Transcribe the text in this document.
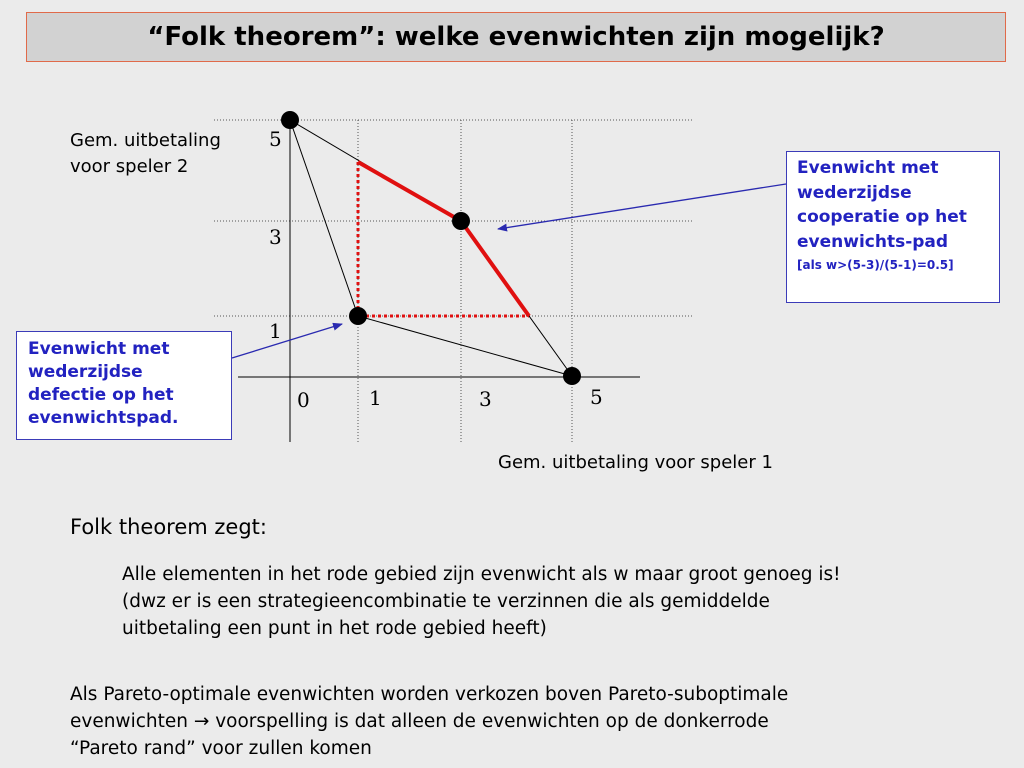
“Folk theorem”: welke evenwichten zijn mogelijk?
Gem. uitbetaling voor speler 2
Gem. uitbetaling voor speler 1
5
3
1
0	1	3	5
Evenwicht met wederzijdse cooperatie op het evenwichts-pad
[als w>(5-3)/(5-1)=0.5]
Evenwicht met wederzijdse defectie op het evenwichtspad.
Folk theorem zegt:
Alle elementen in het rode gebied zijn evenwicht als w maar groot genoeg is! (dwz er is een strategieencombinatie te verzinnen die als gemiddelde uitbetaling een punt in het rode gebied heeft)
Als Pareto-optimale evenwichten worden verkozen boven Pareto-suboptimale evenwichten → voorspelling is dat alleen de evenwichten op de donkerrode “Pareto rand” voor zullen komen
